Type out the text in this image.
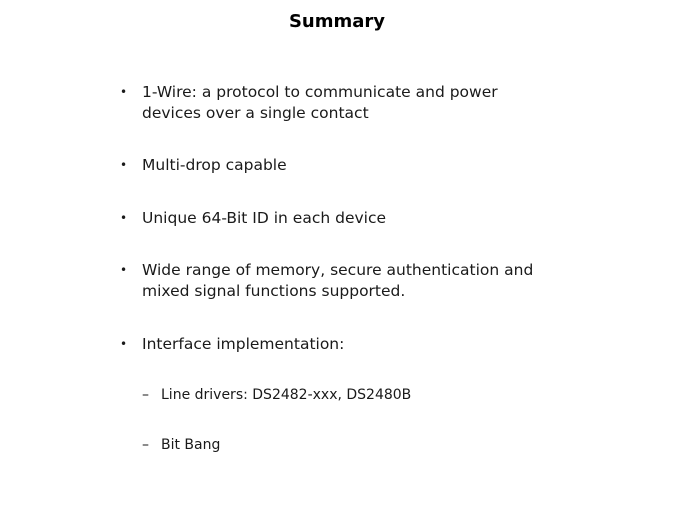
Summary
• 1-Wire: a protocol to communicate and power devices over a single contact
• Multi-drop capable
• Unique 64-Bit ID in each device
• Wide range of memory, secure authentication and mixed signal functions supported.
• Interface implementation:
– Line drivers: DS2482-xxx, DS2480B
– Bit Bang
